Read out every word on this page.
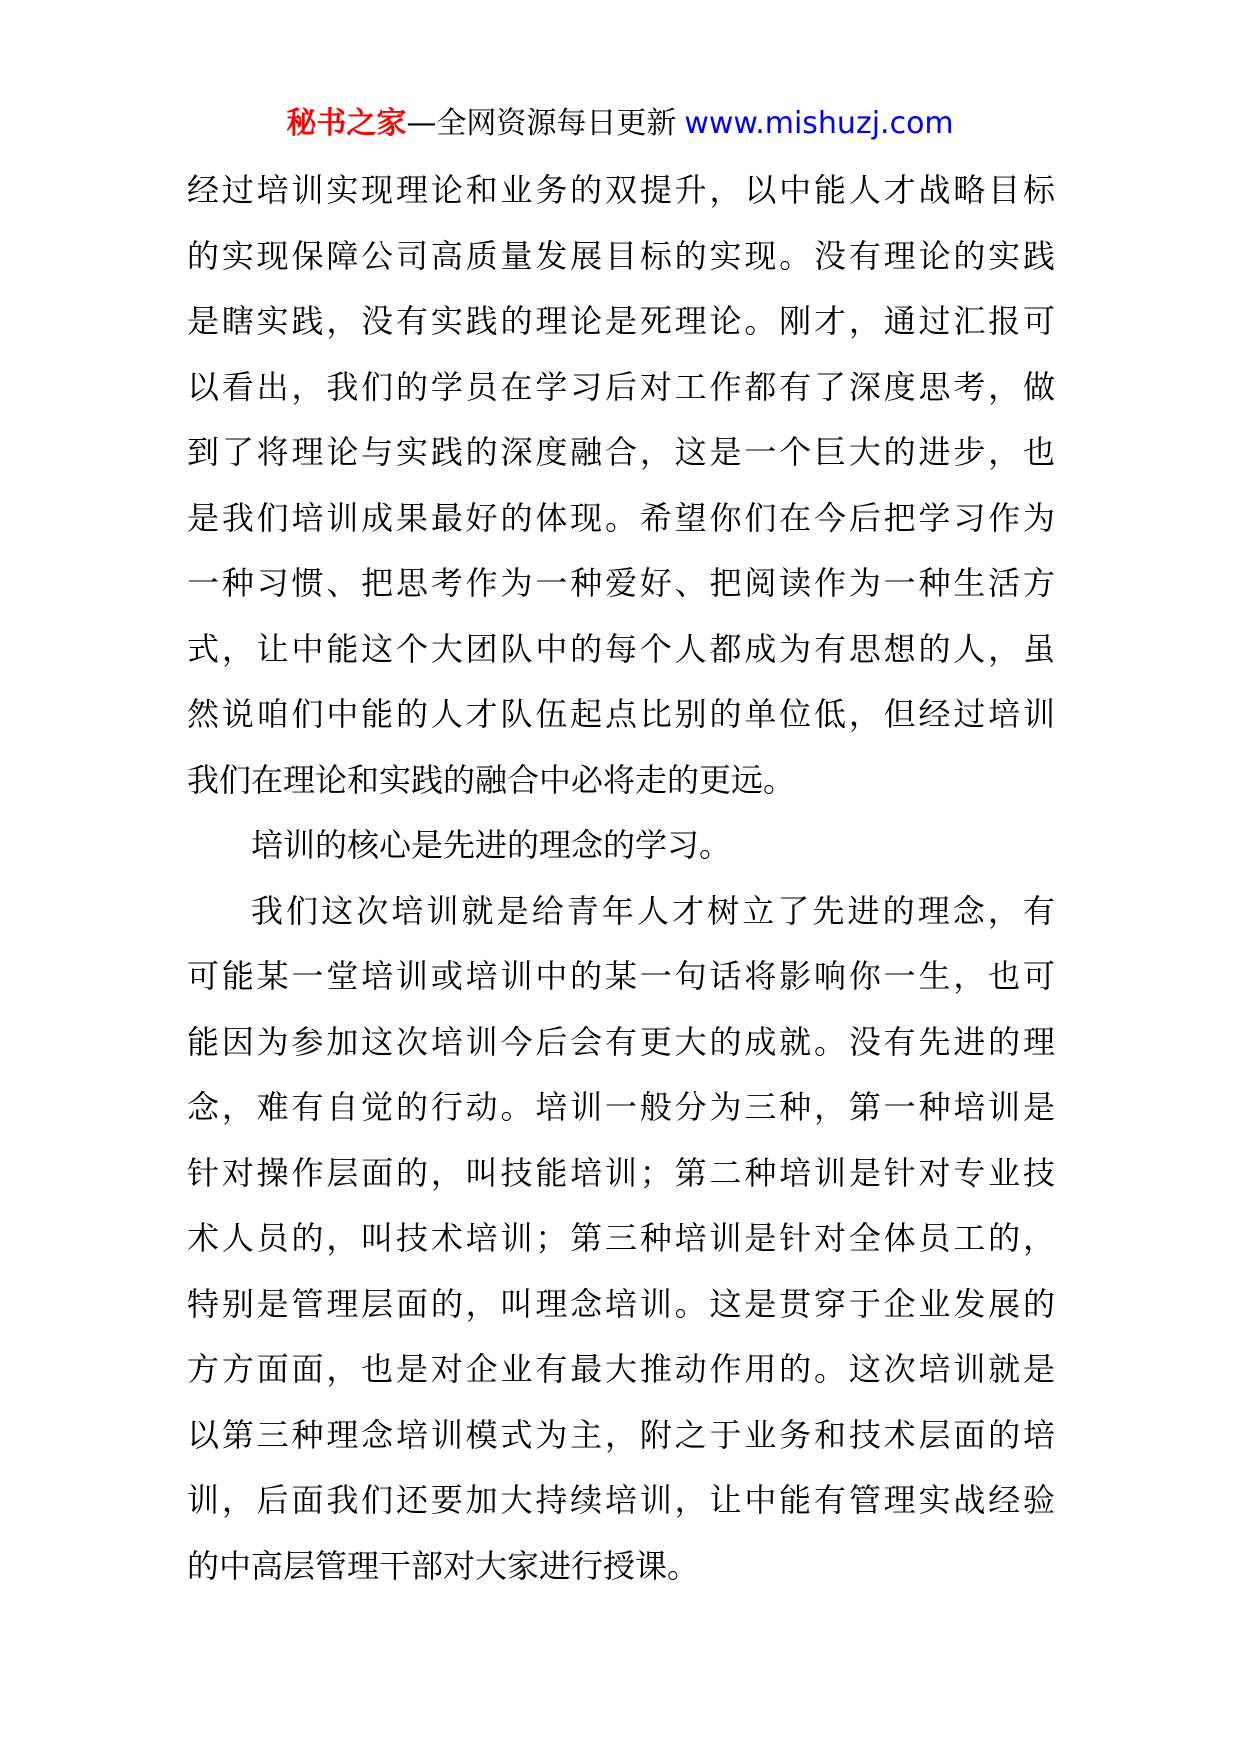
秘书之家—全网资源每日更新 www.mishuzj.com
经过培训实现理论和业务的双提升，以中能人才战略目标
的实现保障公司高质量发展目标的实现。没有理论的实践
是瞎实践，没有实践的理论是死理论。刚才，通过汇报可
以看出，我们的学员在学习后对工作都有了深度思考，做
到了将理论与实践的深度融合，这是一个巨大的进步，也
是我们培训成果最好的体现。希望你们在今后把学习作为
一种习惯、把思考作为一种爱好、把阅读作为一种生活方
式，让中能这个大团队中的每个人都成为有思想的人，虽
然说咱们中能的人才队伍起点比别的单位低，但经过培训
我们在理论和实践的融合中必将走的更远。
培训的核心是先进的理念的学习。
我们这次培训就是给青年人才树立了先进的理念，有
可能某一堂培训或培训中的某一句话将影响你一生，也可
能因为参加这次培训今后会有更大的成就。没有先进的理
念，难有自觉的行动。培训一般分为三种，第一种培训是
针对操作层面的，叫技能培训；第二种培训是针对专业技
术人员的，叫技术培训；第三种培训是针对全体员工的，
特别是管理层面的，叫理念培训。这是贯穿于企业发展的
方方面面，也是对企业有最大推动作用的。这次培训就是
以第三种理念培训模式为主，附之于业务和技术层面的培
训，后面我们还要加大持续培训，让中能有管理实战经验
的中高层管理干部对大家进行授课。
